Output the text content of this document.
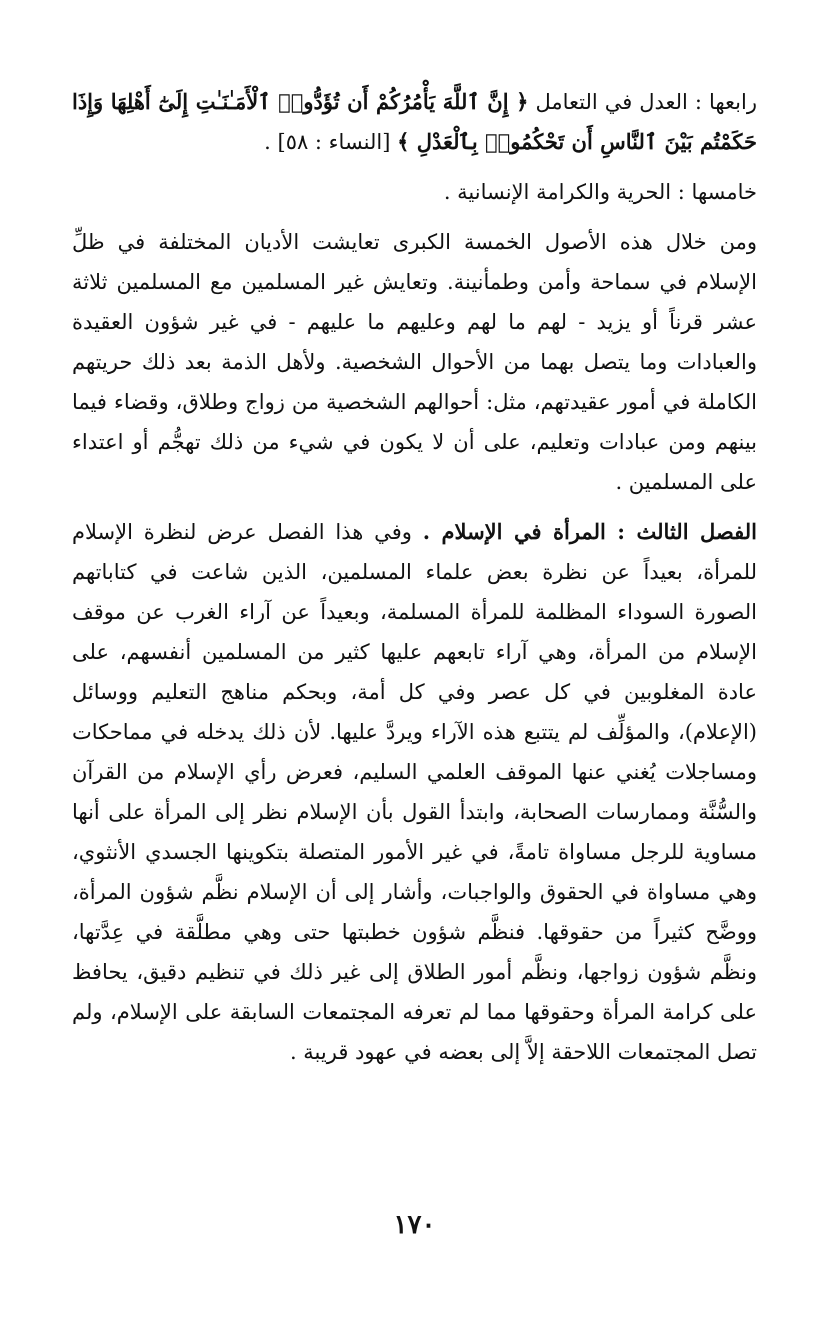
رابعها : العدل في التعامل ﴿ إِنَّ ٱللَّهَ يَأْمُرُكُمْ أَن تُؤَدُّوا۟ ٱلْأَمَـٰنَـٰتِ إِلَىٰٓ أَهْلِهَا وَإِذَا حَكَمْتُم بَيْنَ ٱلنَّاسِ أَن تَحْكُمُوا۟ بِٱلْعَدْلِ ﴾ [النساء : ٥٨] .

خامسها : الحرية والكرامة الإنسانية .

ومن خلال هذه الأصول الخمسة الكبرى تعايشت الأديان المختلفة في ظلِّ الإسلام في سماحة وأمن وطمأنينة. وتعايش غير المسلمين مع المسلمين ثلاثة عشر قرناً أو يزيد - لهم ما لهم وعليهم ما عليهم - في غير شؤون العقيدة والعبادات وما يتصل بهما من الأحوال الشخصية. ولأهل الذمة بعد ذلك حريتهم الكاملة في أمور عقيدتهم، مثل: أحوالهم الشخصية من زواج وطلاق، وقضاء فيما بينهم ومن عبادات وتعليم، على أن لا يكون في شيء من ذلك تهجُّم أو اعتداء على المسلمين .

الفصل الثالث : المرأة في الإسلام . وفي هذا الفصل عرض لنظرة الإسلام للمرأة، بعيداً عن نظرة بعض علماء المسلمين، الذين شاعت في كتاباتهم الصورة السوداء المظلمة للمرأة المسلمة، وبعيداً عن آراء الغرب عن موقف الإسلام من المرأة، وهي آراء تابعهم عليها كثير من المسلمين أنفسهم، على عادة المغلوبين في كل عصر وفي كل أمة، وبحكم مناهج التعليم ووسائل (الإعلام)، والمؤلِّف لم يتتبع هذه الآراء ويردَّ عليها. لأن ذلك يدخله في مماحكات ومساجلات يُغني عنها الموقف العلمي السليم، فعرض رأي الإسلام من القرآن والسُّنَّة وممارسات الصحابة، وابتدأ القول بأن الإسلام نظر إلى المرأة على أنها مساوية للرجل مساواة تامةً، في غير الأمور المتصلة بتكوينها الجسدي الأنثوي، وهي مساواة في الحقوق والواجبات، وأشار إلى أن الإسلام نظَّم شؤون المرأة، ووضَّح كثيراً من حقوقها. فنظَّم شؤون خطبتها حتى وهي مطلَّقة في عِدَّتها، ونظَّم شؤون زواجها، ونظَّم أمور الطلاق إلى غير ذلك في تنظيم دقيق، يحافظ على كرامة المرأة وحقوقها مما لم تعرفه المجتمعات السابقة على الإسلام، ولم تصل المجتمعات اللاحقة إلاَّ إلى بعضه في عهود قريبة .

١٧٠
